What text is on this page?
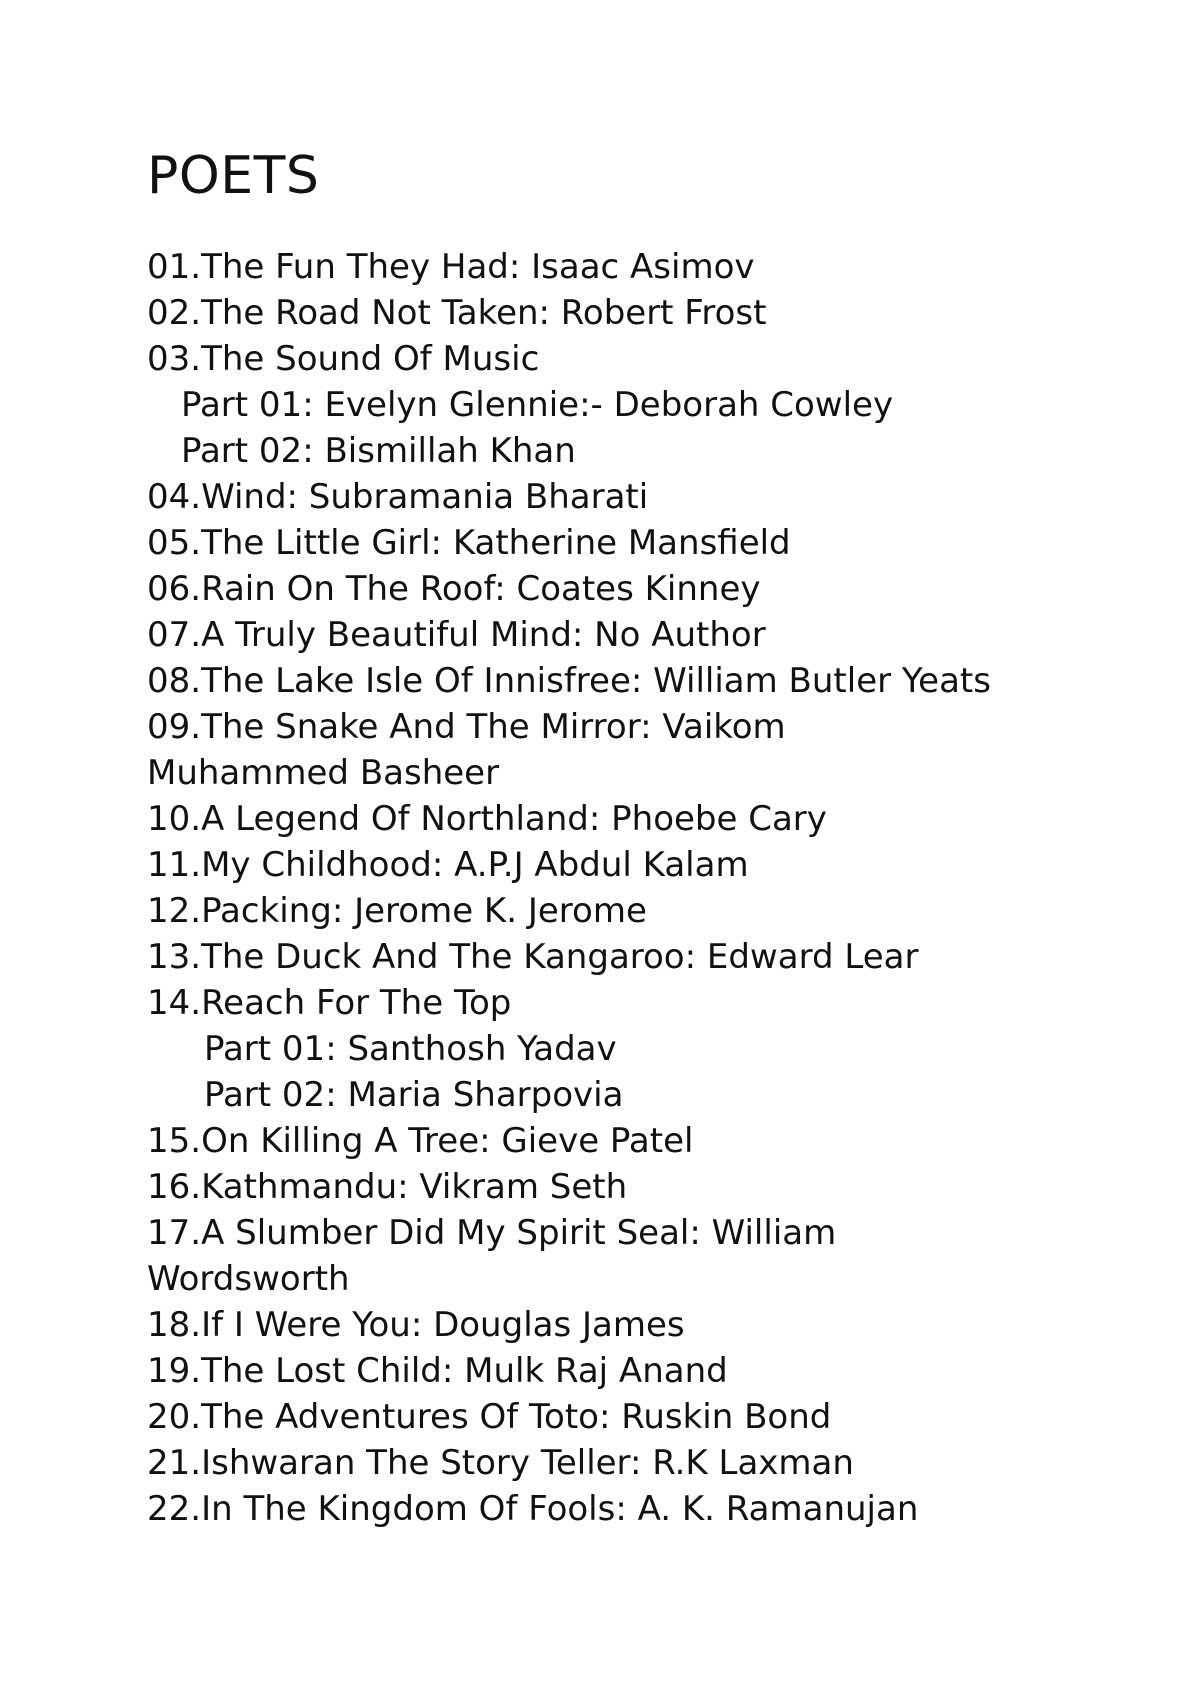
POETS
01.The Fun They Had: Isaac Asimov
02.The Road Not Taken: Robert Frost
03.The Sound Of Music
Part 01: Evelyn Glennie:- Deborah Cowley
Part 02: Bismillah Khan
04.Wind: Subramania Bharati
05.The Little Girl: Katherine Mansfield
06.Rain On The Roof: Coates Kinney
07.A Truly Beautiful Mind: No Author
08.The Lake Isle Of Innisfree: William Butler Yeats
09.The Snake And The Mirror: Vaikom
Muhammed Basheer
10.A Legend Of Northland: Phoebe Cary
11.My Childhood: A.P.J Abdul Kalam
12.Packing: Jerome K. Jerome
13.The Duck And The Kangaroo: Edward Lear
14.Reach For The Top
Part 01: Santhosh Yadav
Part 02: Maria Sharpovia
15.On Killing A Tree: Gieve Patel
16.Kathmandu: Vikram Seth
17.A Slumber Did My Spirit Seal: William
Wordsworth
18.If I Were You: Douglas James
19.The Lost Child: Mulk Raj Anand
20.The Adventures Of Toto: Ruskin Bond
21.Ishwaran The Story Teller: R.K Laxman
22.In The Kingdom Of Fools: A. K. Ramanujan
